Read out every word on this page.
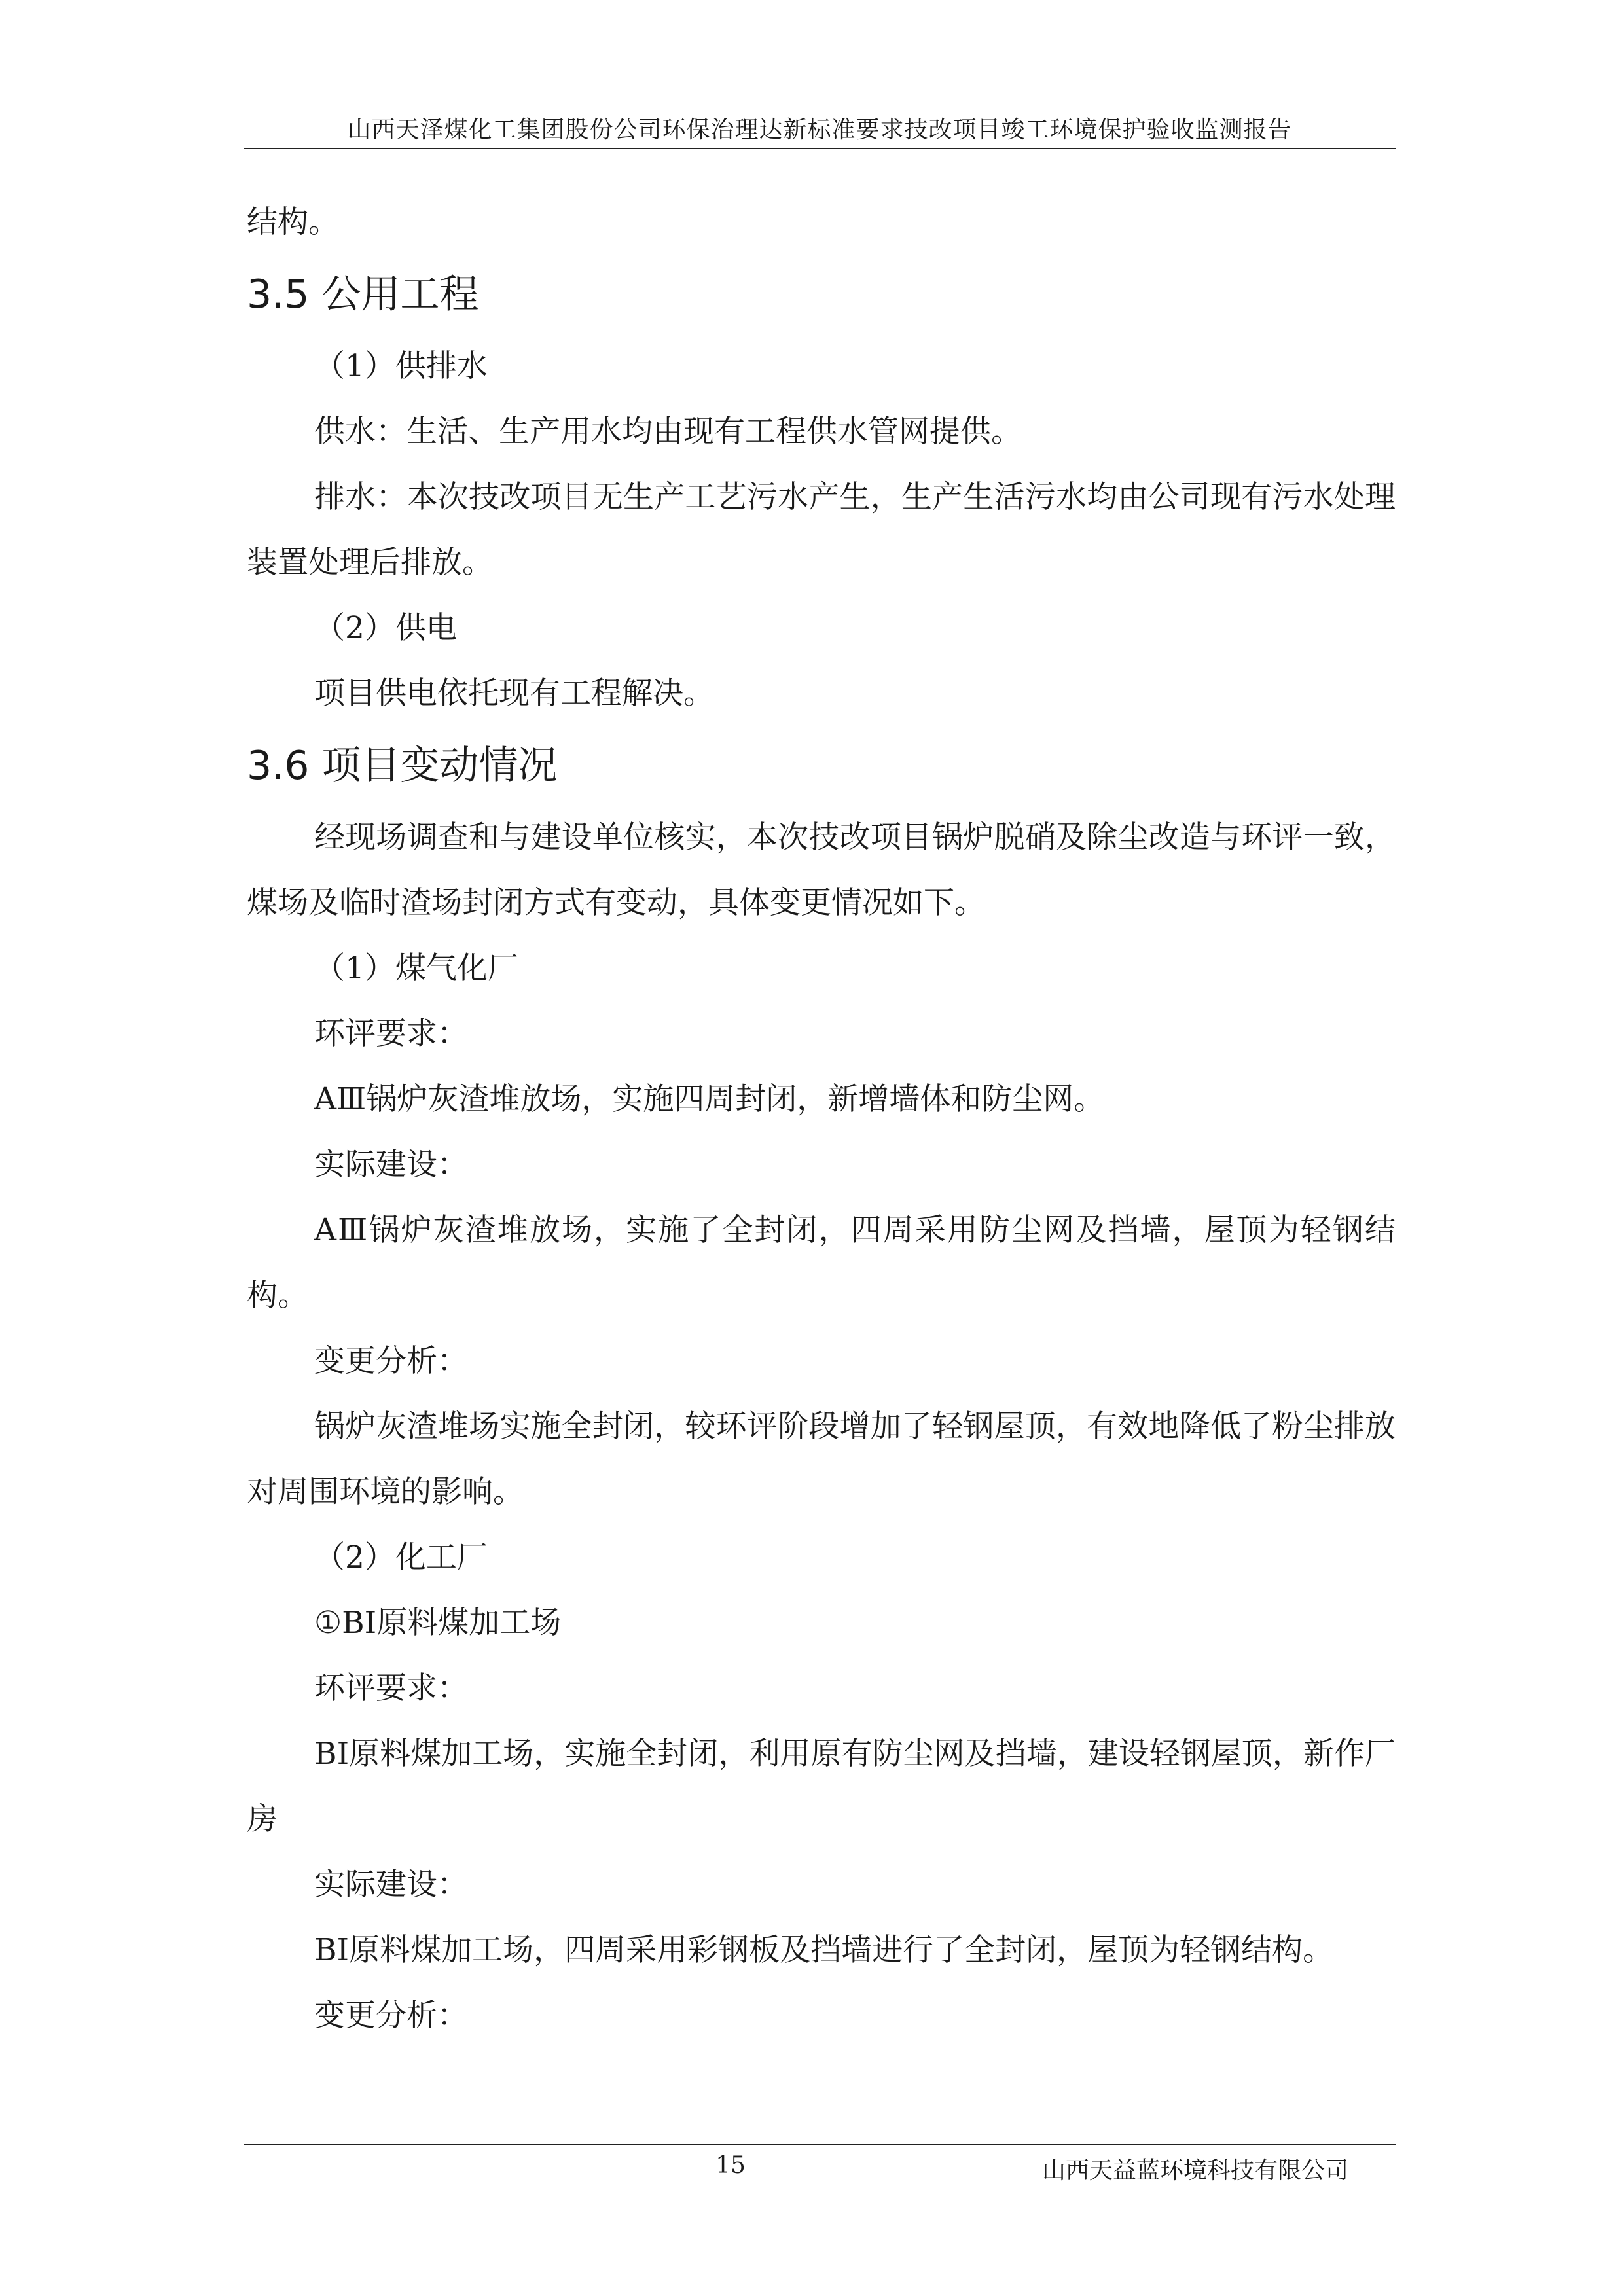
山西天泽煤化工集团股份公司环保治理达新标准要求技改项目竣工环境保护验收监测报告

结构。

3.5 公用工程

（1）供排水

供水：生活、生产用水均由现有工程供水管网提供。

排水：本次技改项目无生产工艺污水产生，生产生活污水均由公司现有污水处理装置处理后排放。

（2）供电

项目供电依托现有工程解决。

3.6 项目变动情况

经现场调查和与建设单位核实，本次技改项目锅炉脱硝及除尘改造与环评一致，煤场及临时渣场封闭方式有变动，具体变更情况如下。

（1）煤气化厂

环评要求：

AⅢ锅炉灰渣堆放场，实施四周封闭，新增墙体和防尘网。

实际建设：

AⅢ锅炉灰渣堆放场，实施了全封闭，四周采用防尘网及挡墙，屋顶为轻钢结构。

变更分析：

锅炉灰渣堆场实施全封闭，较环评阶段增加了轻钢屋顶，有效地降低了粉尘排放对周围环境的影响。

（2）化工厂

①BⅠ原料煤加工场

环评要求：

BⅠ原料煤加工场，实施全封闭，利用原有防尘网及挡墙，建设轻钢屋顶，新作厂房

实际建设：

BⅠ原料煤加工场，四周采用彩钢板及挡墙进行了全封闭，屋顶为轻钢结构。

变更分析：

15	山西天益蓝环境科技有限公司
